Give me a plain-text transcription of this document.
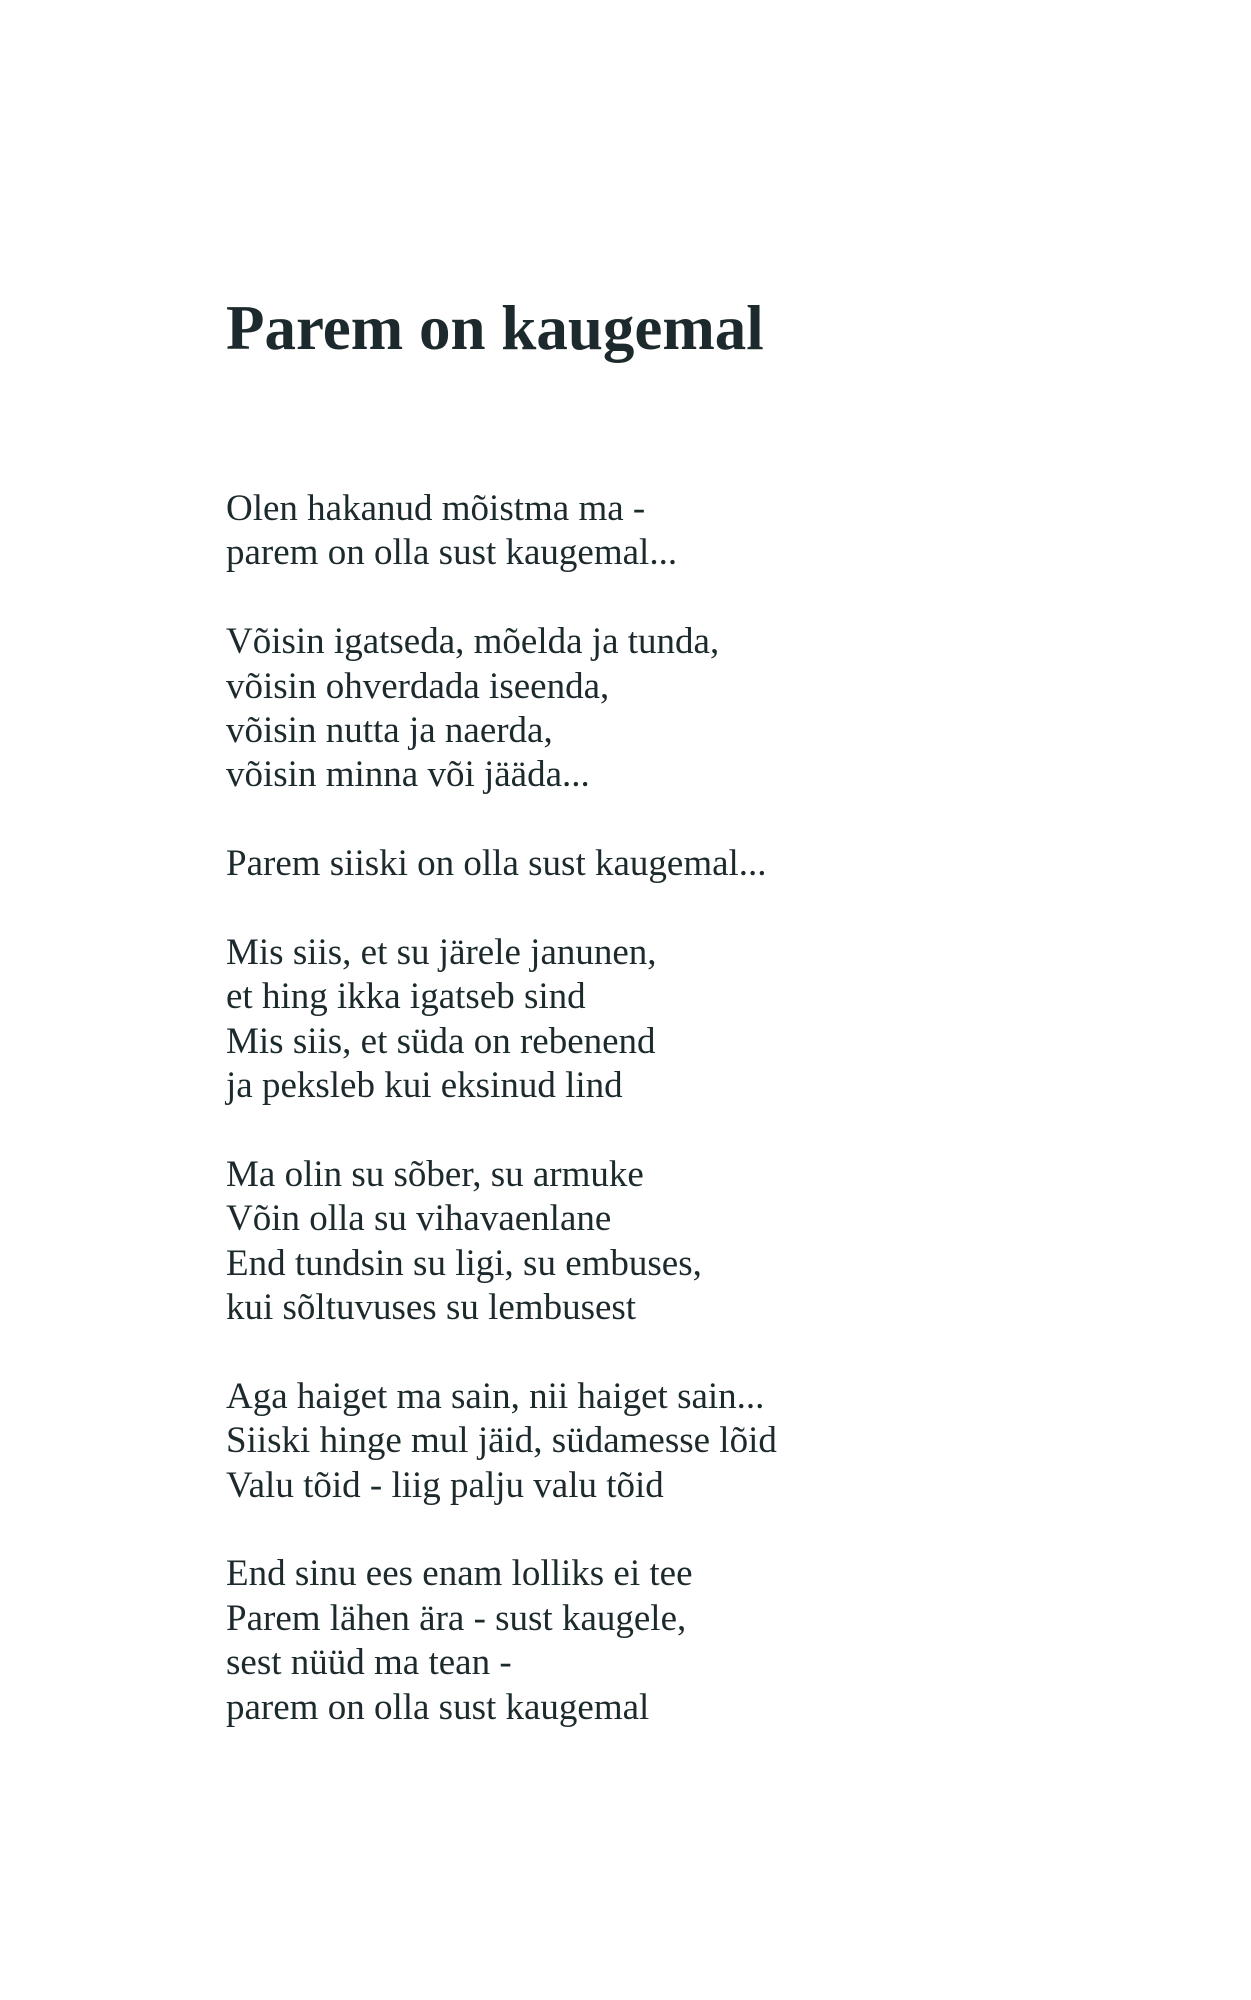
Parem on kaugemal
Olen hakanud mõistma ma -
parem on olla sust kaugemal...
Võisin igatseda, mõelda ja tunda,
võisin ohverdada iseenda,
võisin nutta ja naerda,
võisin minna või jääda...
Parem siiski on olla sust kaugemal...
Mis siis, et su järele janunen,
et hing ikka igatseb sind
Mis siis, et süda on rebenend
ja peksleb kui eksinud lind
Ma olin su sõber, su armuke
Võin olla su vihavaenlane
End tundsin su ligi, su embuses,
kui sõltuvuses su lembusest
Aga haiget ma sain, nii haiget sain...
Siiski hinge mul jäid, südamesse lõid
Valu tõid - liig palju valu tõid
End sinu ees enam lolliks ei tee
Parem lähen ära - sust kaugele,
sest nüüd ma tean -
parem on olla sust kaugemal
